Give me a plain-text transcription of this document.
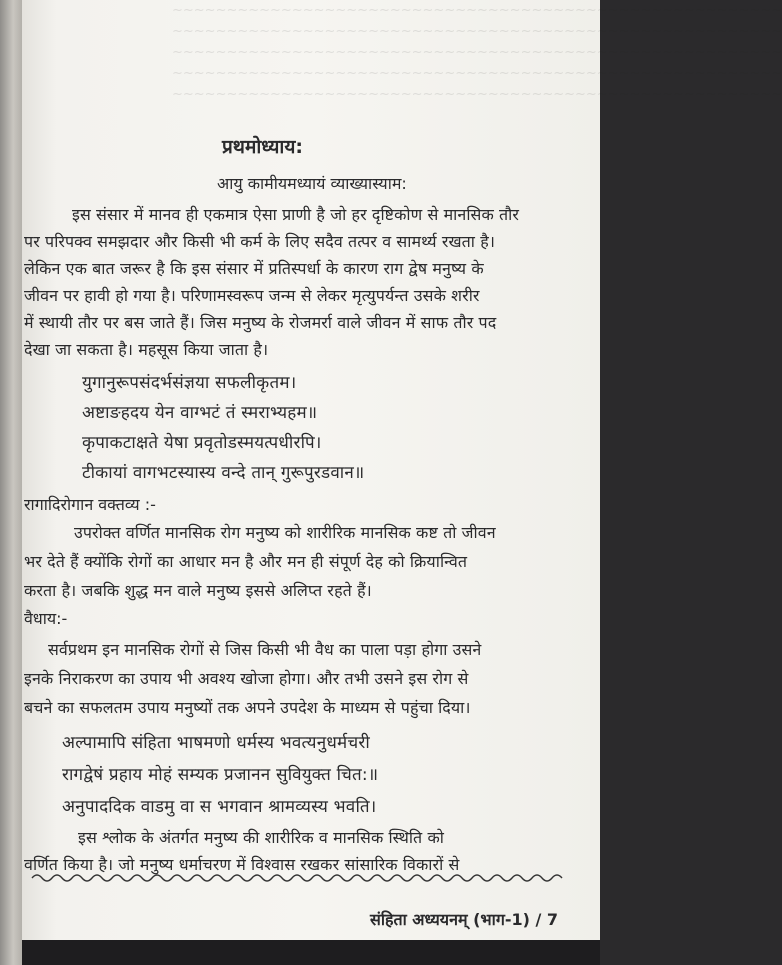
~~~~~~~~~~~~~~~~~~~~~~~~~~~~~~~~~~~~~~~~~~~~~~~~~~~~~~~~
~~~~~~~~~~~~~~~~~~~~~~~~~~~~~~~~~~~~~~~~~~~~~~~~~~~~~~~~
~~~~~~~~~~~~~~~~~~~~~~~~~~~~~~~~~~~~~~~~~~~~~~~~~~~~~~~~
~~~~~~~~~~~~~~~~~~~~~~~~~~~~~~~~~~~~~~~~~~~~~~~~~~~~~~~~
~~~~~~~~~~~~~~~~~~~~~~~~~~~~~~~~~~~~~~~~~~~~~~~~~~~~~~~~
प्रथमोध्याय:
आयु कामीयमध्यायं व्याख्यास्याम:
इस संसार में मानव ही एकमात्र ऐसा प्राणी है जो हर दृष्टिकोण से मानसिक तौर
पर परिपक्व समझदार और किसी भी कर्म के लिए सदैव तत्पर व सामर्थ्य रखता है।
लेकिन एक बात जरूर है कि इस संसार में प्रतिस्पर्धा के कारण राग द्वेष मनुष्य के
जीवन पर हावी हो गया है। परिणामस्वरूप जन्म से लेकर मृत्युपर्यन्त उसके शरीर
में स्थायी तौर पर बस जाते हैं। जिस मनुष्य के रोजमर्रा वाले जीवन में साफ तौर पद
देखा जा सकता है। महसूस किया जाता है।
युगानुरूपसंदर्भसंज्ञया सफलीकृतम।
अष्टाङहदय येन वाग्भटं तं स्मराभ्यहम॥
कृपाकटाक्षते येषा प्रवृतोडस्मयत्पधीरपि।
टीकायां वागभटस्यास्य वन्दे तान् गुरूपुरडवान॥
रागादिरोगान वक्तव्य :-
उपरोक्त वर्णित मानसिक रोग मनुष्य को शारीरिक मानसिक कष्ट तो जीवन
भर देते हैं क्योंकि रोगों का आधार मन है और मन ही संपूर्ण देह को क्रियान्वित
करता है। जबकि शुद्ध मन वाले मनुष्य इससे अलिप्त रहते हैं।
वैधाय:-
सर्वप्रथम इन मानसिक रोगों से जिस किसी भी वैध का पाला पड़ा होगा उसने
इनके निराकरण का उपाय भी अवश्य खोजा होगा। और तभी उसने इस रोग से
बचने का सफलतम उपाय मनुष्यों तक अपने उपदेश के माध्यम से पहुंचा दिया।
अल्पामापि संहिता भाषमणो धर्मस्य भवत्यनुधर्मचरी
रागद्वेषं प्रहाय मोहं सम्यक प्रजानन सुवियुक्त चित:॥
अनुपाददिक वाडमु वा स भगवान श्रामव्यस्य भवति।
इस श्लोक के अंतर्गत मनुष्य की शारीरिक व मानसिक स्थिति को
वर्णित किया है। जो मनुष्य धर्माचरण में विश्वास रखकर सांसारिक विकारों से
संहिता अध्ययनम् (भाग-1) / 7
